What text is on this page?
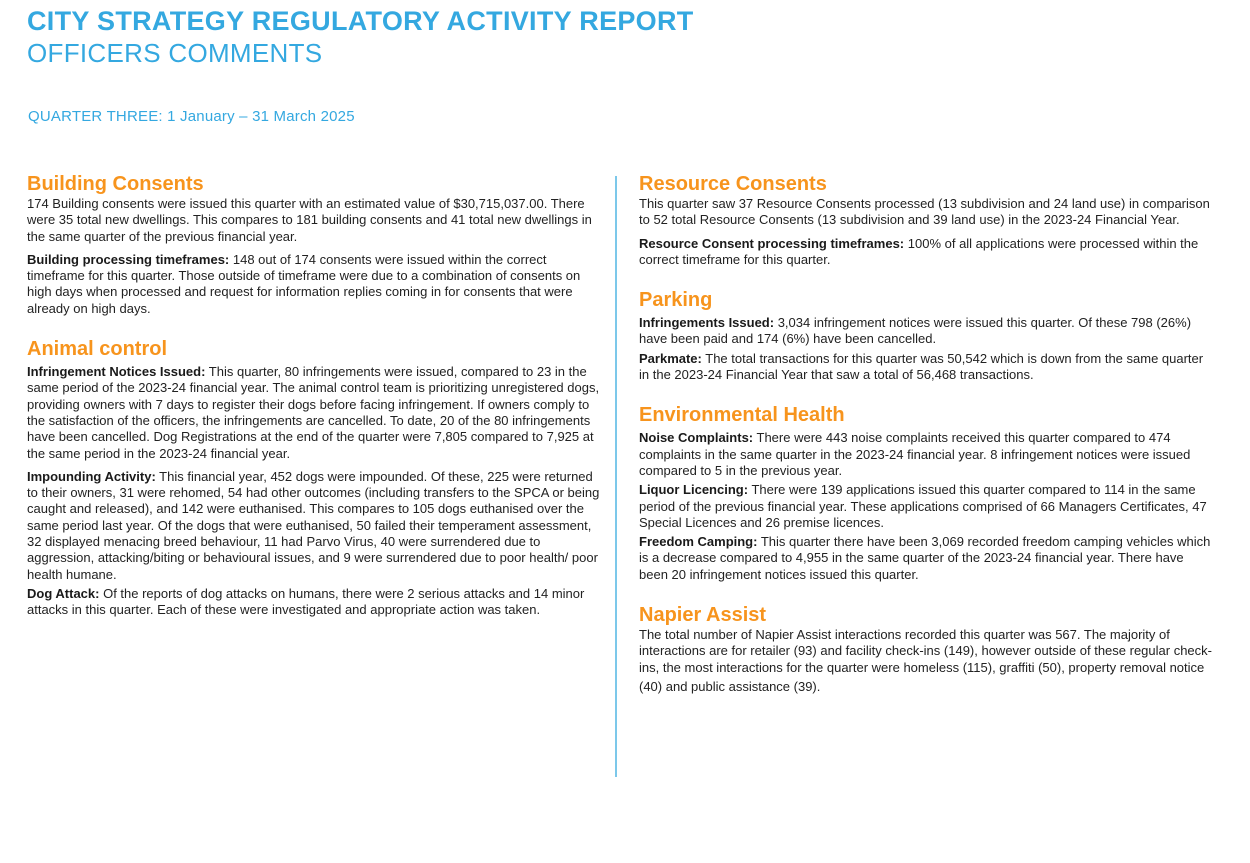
CITY STRATEGY REGULATORY ACTIVITY REPORT
OFFICERS COMMENTS

QUARTER THREE: 1 January – 31 March 2025

Building Consents

174 Building consents were issued this quarter with an estimated value of $30,715,037.00. There were 35 total new dwellings. This compares to 181 building consents and 41 total new dwellings in the same quarter of the previous financial year.

Building processing timeframes: 148 out of 174 consents were issued within the correct timeframe for this quarter. Those outside of timeframe were due to a combination of consents on high days when processed and request for information replies coming in for consents that were already on high days.

Animal control

Infringement Notices Issued: This quarter, 80 infringements were issued, compared to 23 in the same period of the 2023-24 financial year. The animal control team is prioritizing unregistered dogs, providing owners with 7 days to register their dogs before facing infringement. If owners comply to the satisfaction of the officers, the infringements are cancelled. To date, 20 of the 80 infringements have been cancelled. Dog Registrations at the end of the quarter were 7,805 compared to 7,925 at the same period in the 2023-24 financial year.

Impounding Activity: This financial year, 452 dogs were impounded. Of these, 225 were returned to their owners, 31 were rehomed, 54 had other outcomes (including transfers to the SPCA or being caught and released), and 142 were euthanised. This compares to 105 dogs euthanised over the same period last year. Of the dogs that were euthanised, 50 failed their temperament assessment, 32 displayed menacing breed behaviour, 11 had Parvo Virus, 40 were surrendered due to aggression, attacking/biting or behavioural issues, and 9 were surrendered due to poor health/ poor health humane.

Dog Attack: Of the reports of dog attacks on humans, there were 2 serious attacks and 14 minor attacks in this quarter. Each of these were investigated and appropriate action was taken.

Resource Consents

This quarter saw 37 Resource Consents processed (13 subdivision and 24 land use) in comparison to 52 total Resource Consents (13 subdivision and 39 land use) in the 2023-24 Financial Year.

Resource Consent processing timeframes: 100% of all applications were processed within the correct timeframe for this quarter.

Parking

Infringements Issued: 3,034 infringement notices were issued this quarter. Of these 798 (26%) have been paid and 174 (6%) have been cancelled.

Parkmate: The total transactions for this quarter was 50,542 which is down from the same quarter in the 2023-24 Financial Year that saw a total of 56,468 transactions.

Environmental Health

Noise Complaints: There were 443 noise complaints received this quarter compared to 474 complaints in the same quarter in the 2023-24 financial year. 8 infringement notices were issued compared to 5 in the previous year.

Liquor Licencing: There were 139 applications issued this quarter compared to 114 in the same period of the previous financial year. These applications comprised of 66 Managers Certificates, 47 Special Licences and 26 premise licences.

Freedom Camping: This quarter there have been 3,069 recorded freedom camping vehicles which is a decrease compared to 4,955 in the same quarter of the 2023-24 financial year. There have been 20 infringement notices issued this quarter.

Napier Assist

The total number of Napier Assist interactions recorded this quarter was 567. The majority of interactions are for retailer (93) and facility check-ins (149), however outside of these regular check- ins, the most interactions for the quarter were homeless (115), graffiti (50), property removal notice

(40) and public assistance (39).
